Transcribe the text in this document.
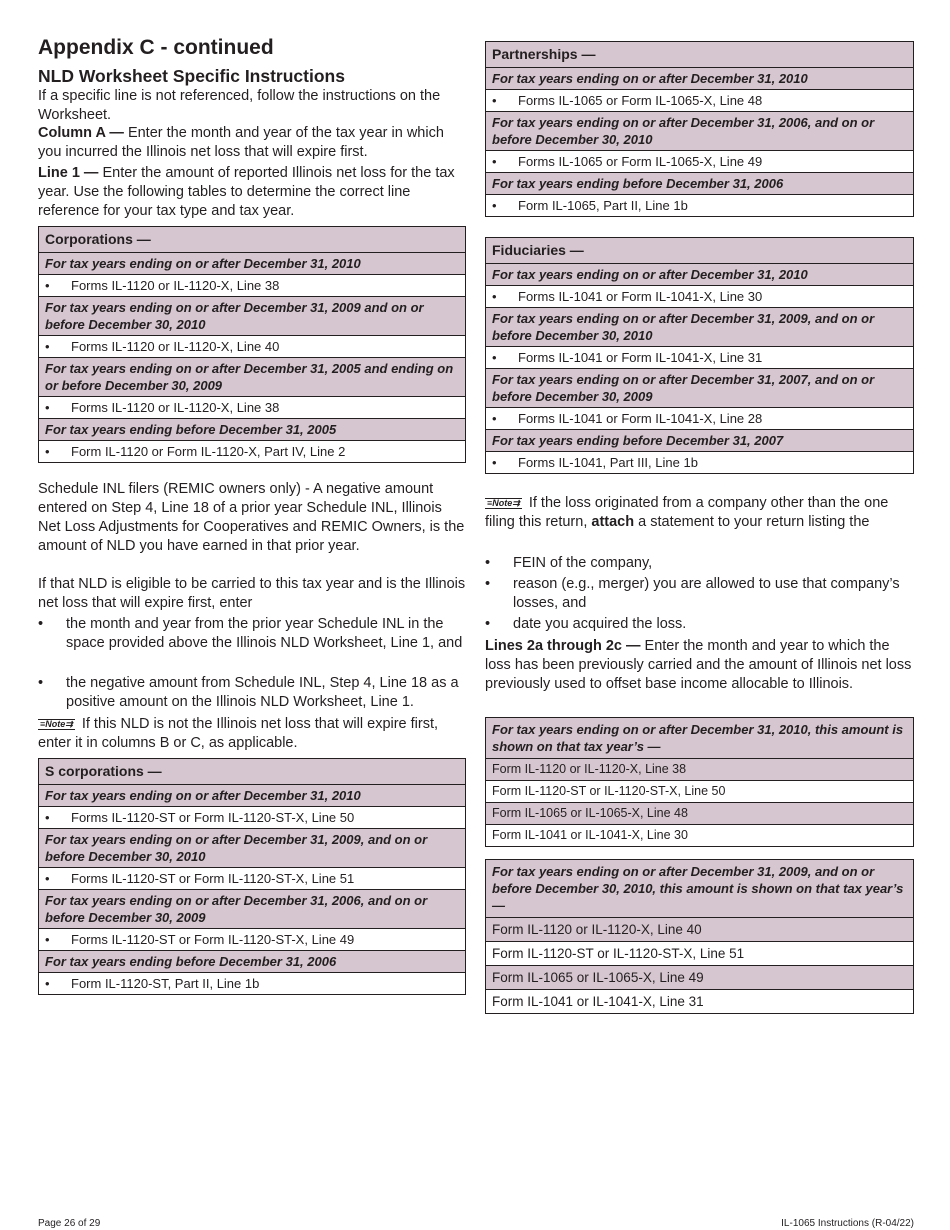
Appendix C - continued
NLD Worksheet Specific Instructions
If a specific line is not referenced, follow the instructions on the Worksheet.
Column A — Enter the month and year of the tax year in which you incurred the Illinois net loss that will expire first.
Line 1 — Enter the amount of reported Illinois net loss for the tax year. Use the following tables to determine the correct line reference for your tax type and tax year.
Corporations —
For tax years ending on or after December 31, 2010
• Forms IL-1120 or IL-1120-X, Line 38
For tax years ending on or after December 31, 2009 and on or before December 30, 2010
• Forms IL-1120 or IL-1120-X, Line 40
For tax years ending on or after December 31, 2005 and ending on or before December 30, 2009
• Forms IL-1120 or IL-1120-X, Line 38
For tax years ending before December 31, 2005
• Form IL-1120 or Form IL-1120-X, Part IV, Line 2
Schedule INL filers (REMIC owners only) - A negative amount entered on Step 4, Line 18 of a prior year Schedule INL, Illinois Net Loss Adjustments for Cooperatives and REMIC Owners, is the amount of NLD you have earned in that prior year.
If that NLD is eligible to be carried to this tax year and is the Illinois net loss that will expire first, enter
•	the month and year from the prior year Schedule INL in the space provided above the Illinois NLD Worksheet, Line 1, and
•	the negative amount from Schedule INL, Step 4, Line 18 as a positive amount on the Illinois NLD Worksheet, Line 1.
≡Note⇉ If this NLD is not the Illinois net loss that will expire first, enter it in columns B or C, as applicable.
S corporations —
For tax years ending on or after December 31, 2010
• Forms IL-1120-ST or Form IL-1120-ST-X, Line 50
For tax years ending on or after December 31, 2009, and on or before December 30, 2010
• Forms IL-1120-ST or Form IL-1120-ST-X, Line 51
For tax years ending on or after December 31, 2006, and on or before December 30, 2009
• Forms IL-1120-ST or Form IL-1120-ST-X, Line 49
For tax years ending before December 31, 2006
• Form IL-1120-ST, Part II, Line 1b
Page 26 of 29
Partnerships —
For tax years ending on or after December 31, 2010
• Forms IL-1065 or Form IL-1065-X, Line 48
For tax years ending on or after December 31, 2006, and on or before December 30, 2010
• Forms IL-1065 or Form IL-1065-X, Line 49
For tax years ending before December 31, 2006
• Form IL-1065, Part II, Line 1b
Fiduciaries —
For tax years ending on or after December 31, 2010
• Forms IL-1041 or Form IL-1041-X, Line 30
For tax years ending on or after December 31, 2009, and on or before December 30, 2010
• Forms IL-1041 or Form IL-1041-X, Line 31
For tax years ending on or after December 31, 2007, and on or before December 30, 2009
• Forms IL-1041 or Form IL-1041-X, Line 28
For tax years ending before December 31, 2007
• Forms IL-1041, Part III, Line 1b
≡Note⇉ If the loss originated from a company other than the one filing this return, attach a statement to your return listing the
•	FEIN of the company,
•	reason (e.g., merger) you are allowed to use that company’s losses, and
•	date you acquired the loss.
Lines 2a through 2c — Enter the month and year to which the loss has been previously carried and the amount of Illinois net loss previously used to offset base income allocable to Illinois.
For tax years ending on or after December 31, 2010, this amount is shown on that tax year’s —
Form IL-1120 or IL-1120-X, Line 38
Form IL-1120-ST or IL-1120-ST-X, Line 50
Form IL-1065 or IL-1065-X, Line 48
Form IL-1041 or IL-1041-X, Line 30
For tax years ending on or after December 31, 2009, and on or before December 30, 2010, this amount is shown on that tax year’s —
Form IL-1120 or IL-1120-X, Line 40
Form IL-1120-ST or IL-1120-ST-X, Line 51
Form IL-1065 or IL-1065-X, Line 49
Form IL-1041 or IL-1041-X, Line 31
IL-1065 Instructions (R-04/22)
